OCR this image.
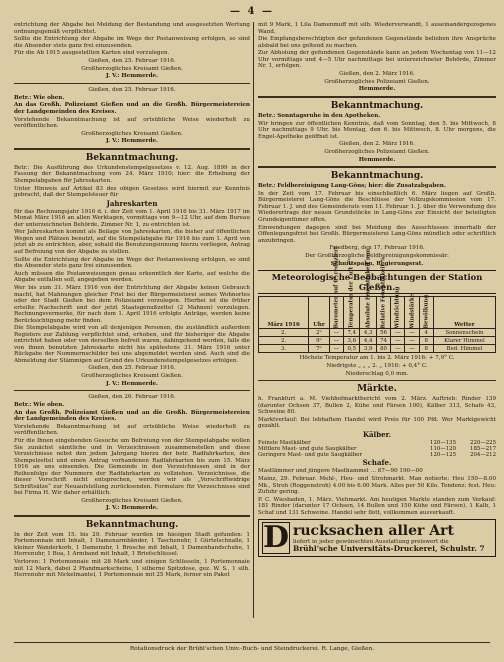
— 4 —

entrichtung der Abgabe bei Meldung der Bestandung und ausgesetzten Wertung ordnungsgemäß verpflichtet.

Sollte die Entrichtung der Abgabe im Wege der Postanweisung erfolgen, so sind die Absender stets ganz frei einzusenden.

Für die Ab 1915 ausgestellten Karten sind vorzulegen.

Gießen, den 25. Februar 1916.

Großherzogliches Kreisamt Gießen.

J. V.: Hemmerde.

Gießen, den 25. Februar 1916.

Betr.: Wie oben.

An das Großh. Polizeiamt Gießen und an die Großh. Bürgermeistereien der Landgemeinden des Kreises.

Vorstehende Bekanntmachung ist auf ortsübliche Weise wiederholt zu veröffentlichen.

Großherzogliches Kreisamt Gießen.

J. V.: Hemmerde.

Bekanntmachung.

Betr.: Die Ausführung des Urkundenstempelgesetzes v. 12. Aug. 1899 in der Fassung der Bekanntmachung vom 24. März 1910; hier: die Erhebung der Stempelabgaben für Jahreskarten.

Unter Hinweis auf Artikel 83 des obigen Gesetzes wird hiermit zur Kenntnis gebracht, daß der Stempelsteuer für

Jahreskarten

für das Rechnungsjahr 1916 d. i. der Zeit vom 1. April 1916 bis 31. März 1917 im Monat März 1916 an allen Werktagen, vormittags von 9—12 Uhr, auf dem Bureau der unterzeichneten Behörde, Zimmer Nr. 1, zu entrichten ist.

Wer Jahreskarten kommt als Beilage von Jahreskarten, die bisher auf öffentlichen Wegen und Plätzen benutzt, auf die Stempelabgabe für 1916 bis zum 1. April von jetzt ab zu entrichten, aber, sobald die Benutzungsinnung hierzu vorliegen, Antrag auf Befreiung von der Abgabe zu stellen.

Sollte die Entrichtung der Abgabe im Wege der Postanweisung erfolgen, so sind die Absender stets ganz frei einzusenden.

Auch müssen die Postanweisungen genau erkenntlich der Karte, auf welche die Abgabe entfallen soll, angegeben werden.

Wer bis zum 31. März 1916 von der Entrichtung der Abgabe keinen Gebrauch macht, hat Mahnungen gleicher Frist bei der Bürgermeisterei seines Wohnortes oder der Stadt Gießen bei dem Polizeiamt vorzulegen. Hierbei ist die früher erteilte Nachschrift und der jetzt Staatsgenußzettel (2 Mahnen) vorzulegen. Rechnungsvermerke, für nach dem 1. April 1916 erfolgte Anträge, werden keine Berücksichtigung mehr finden.

Die Stempelabgabe wird von all denjenigen Personen, die zuständlich außerdem Registers zur Zahlung verpflichtet sind, erhoben, und für bisheriger die Abgabe entrichtet haben oder von derselben befreit waren, dahingehend werden, falls die von ihnen benutzten Jahreskarte nicht bis spätestens 31. März 1916 unter Rückgabe der Nummernschilder bei uns abgemeldet werden sind. Auch sind die Abmeldung der Stämmigen auf Grund des Urkundenstempelgesetzes erfolgen.

Gießen, den 25. Februar 1916.

Großherzogliches Kreisamt Gießen.

J. V.: Hemmerde.

Gießen, den 26. Februar 1916.

Betr.: Wie oben.

An das Großh. Polizeiamt Gießen und an die Großh. Bürgermeistereien der Landgemeinden des Kreises.

Vorstehende Bekanntmachung ist auf ortsübliche Weise wiederholt zu veröffentlichen.

Für die Ihnen eingehenden Gesuche um Befreiung von der Stempelabgabe wollen Sie zunächst sämtliche und in Verzeichnissen zusammenstellen und diese Verzeichnisse nebst den jedem Jahrgang hierzu der betr. Radfahrkarten, den Stempelzettel und einen Antrag vorhandenen Radfahrkarten bis zum 15. März 1916 an uns einsenden. Die Gemeinde in den Verzeichnissen sind in der Reihenfolge der Nummern der Radfahrkarten zu vollziehen. Verzeichnisse, die dieser Vorschrift nicht entsprechen, werden wir als „Vorschriftwidrige Schriftsätze“ zur Neuaufstellung zurücksenden. Formulare für Verzeichnisse sind bei Firma H. Wir daher erhältlich.

Großherzogliches Kreisamt Gießen.

J. V.: Hemmerde.

Bekanntmachung.

In der Zeit vom 15. bis 29. Februar wurden im hiesigen Stadt gefunden: 1 Portemonnaie mit Inhalt, 1 Damenarmbänder, 1 Taschenuhr, 1 Gürtelschnalle, 1 kleiner Wanderkorb, 1 Damenuhr, 1 Brosche mit Inhalt, 1 Damenhandschuhe, 1 Herrenuhr, 1 Boa, 1 Armband mit Inhalt, 1 Briefschlüssel.

Verloren: 1 Portemonnaie mit 28 Mark und einigen Schlüsseln, 1 Portemonnaie mit 12 Mark, dabei 2 Pfandmarkscheine, 1 silberne Spitzdose, gez. W. S., 1 silb. Herrenuhr mit Nickelmantel, 1 Portemonnaie mit 25 Mark, ferner ein Paket

mit 9 Mark, 1 Lila Damenmuff mit silb. Wiederverwandt, 1 auseinandergezogenes Wand.

Die Empfangsberechtigten der gefundenen Gegenstände belieben ihre Ansprüche alsbald bei uns geltend zu machen.

Zur Abholung der gefundenen Gegenstände kann an jedem Wochentag von 11—12 Uhr vormittags und 4—5 Uhr nachmittags bei unterzeichneter Behörde, Zimmer Nr. 1, erfolgen.

Gießen, den 2. März 1916.

Großherzogliches Polizeiamt Gießen.

Hemmerde.

Bekanntmachung.

Betr.: Sonntagsruhe in den Apotheken.

Wir bringen zur öffentlichen Kenntnis, daß vom Sonntag, den 5. bis Mittwoch, 8 Uhr nachmittags 9 Uhr, bis Montag, den 6. bis Mittwoch, 8. Uhr morgens, die Engel-Apotheke geöffnet ist.

Gießen, den 2. März 1916.

Großherzogliches Polizeiamt Gießen.

Hemmerde.

Bekanntmachung.

Betr.: Feldbereinigung Lang-Göns; hier: die Zusatzabgaben.

In der Zeit vom 17. Februar bis einschließlich 6. März liegen auf Großh. Bürgermeisterei Lang-Göns die Beschlüsse der Vollzugskommission vom 17. Februar 1. J. und des Gemeinderats vom 11. Februar 1. J. über die Verwendung des Wiederertrags der neuen Grundstücke in Lang-Göns zur Einsicht der beteiligten Grundeigentümer offen.

Einwendungen dagegen sind bei Meidung des Ausschlusses innerhalb der Offenlegungsfrist bei Großh. Bürgermeisterei Lang-Göns mündlich oder schriftlich anzubringen.

Friedberg, den 17. Februar 1916.

Der Großherzogliche Feldbereinigungskommissär:

Schnittspahn, Regierungsrat.

Meteorologische Beobachtungen der Station Gießen.
März 1916	Uhr	Barometer auf 0° reduziert	Temperatur der Luft C°	Absolute Feuchtigkeit mm	Relative Feuchtigkeit %	Windrichtung	Windstärke	Bewölkung	Wetter
2.	2ⁿ	—	7,4	4,3	56	—	—	4	Sonnenschein
2.	9ⁿ	—	3,6	4,4	74	—	—	8	Klarer Himmel
3.	7ⁿ	—	0,5	3,9	80	—	—	8	Bed. Himmel

Höchste Temperatur am 1. bis 2. März 1916: + 7,9° C.

Niedrigste „ „ „ 2. „ 1916: + 0,4° C.

Niederschlag 0,0 mm.

Märkte.

h. Frankfurt a. M. Viehhofmarktbericht vom 2. März. Auftrieb: Rinder 139 (darunter Ochsen 37, Bullen 2, Kühe und Färsen 100), Kälber 313, Schafe 43, Schweine 80.

Marktverlauf: Bei lebhaftem Handel wird Preis für 100 Pfd. Wer Marktgewicht gezahlt.

Kälber.
Feinste Mastkälber	120—135	220—225
Mittlere Mast- und gute Saugkälber	110—120	185—217
Geringere Mast- und gute Saugkälber	120—125	204—212
Schafe.

Mastlämmer und jüngere Masthammel … 87—90 190—00

Mainz, 29. Februar. Mehl-, Heu- und Strohmarkt. Man notierte: Heu 150—8.00 Mk., Stroh (Roggenstroh) 4.00 bis 6.00 Mark. Alles per 50 Kilo. Tendenz: fest. Heu: Zufuhr gering.

P. C. Wiesbaden, 1. März. Viehmarkt. Am heutigen Markte standen zum Verkauf: 181 Rinder (darunter 17 Ochsen, 14 Bullen und 150 Kühe und Färsen), 1 Kalb, 1 Schaf und 131 Schweine. Handel sehr flott, vollkommen ausverkauft.

D rucksachen aller Art
liefert in jeder gewünschten Ausstattung preiswert die
Brühl'sche Universitäts-Druckerei, Schulstr. 7
Rotationsdruck der Brühl'schen Univ.-Buch- und Steindruckerei. R. Lange, Gießen.
